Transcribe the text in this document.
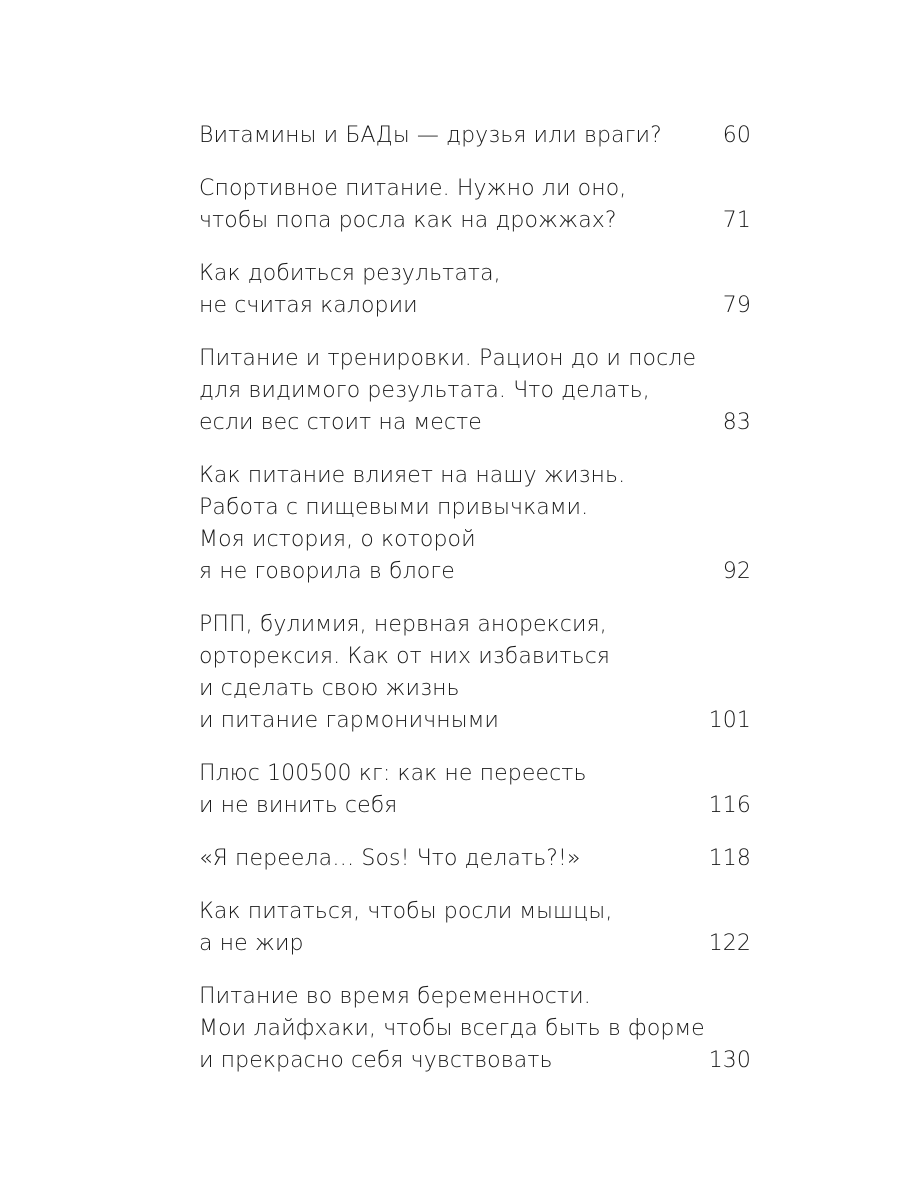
Витамины и БАДы — друзья или враги?	60
Спортивное питание. Нужно ли оно,
чтобы попа росла как на дрожжах?	71
Как добиться результата,
не считая калории	79
Питание и тренировки. Рацион до и после
для видимого результата. Что делать,
если вес стоит на месте	83
Как питание влияет на нашу жизнь.
Работа с пищевыми привычками.
Моя история, о которой
я не говорила в блоге	92
РПП, булимия, нервная анорексия,
орторексия. Как от них избавиться
и сделать свою жизнь
и питание гармоничными	101
Плюс 100500 кг: как не переесть
и не винить себя	116
«Я переела… Sos! Что делать?!»	118
Как питаться, чтобы росли мышцы,
а не жир	122
Питание во время беременности.
Мои лайфхаки, чтобы всегда быть в форме
и прекрасно себя чувствовать	130
